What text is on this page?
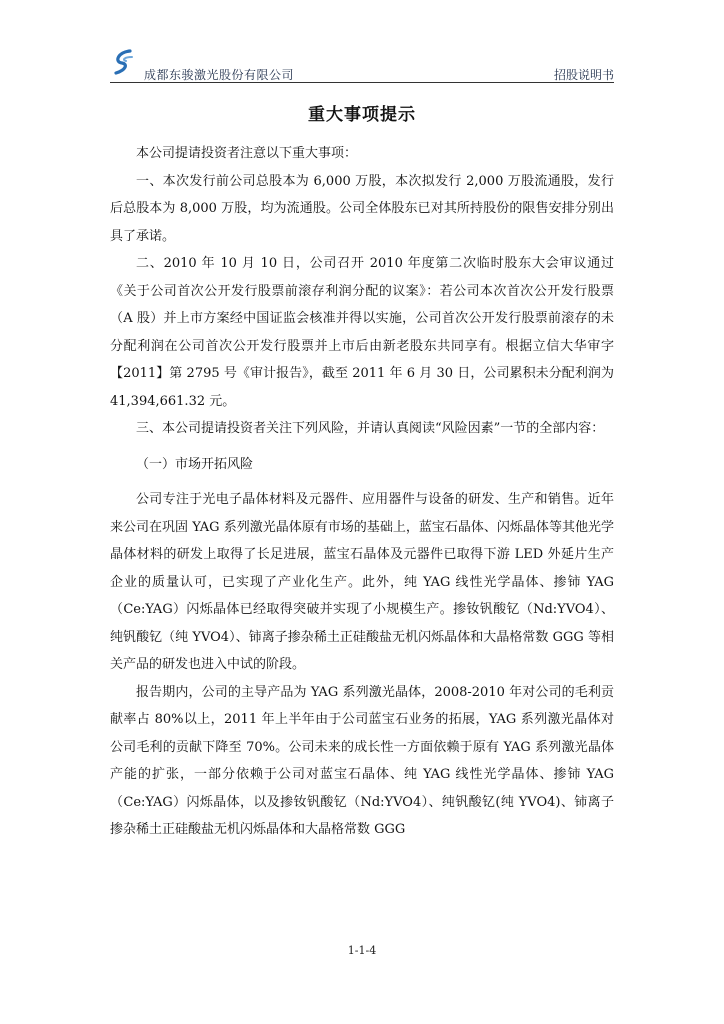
成都东骏激光股份有限公司	招股说明书
重大事项提示

本公司提请投资者注意以下重大事项：

一、本次发行前公司总股本为 6,000 万股，本次拟发行 2,000 万股流通股，发行后总股本为 8,000 万股，均为流通股。公司全体股东已对其所持股份的限售安排分别出具了承诺。

二、2010 年 10 月 10 日，公司召开 2010 年度第二次临时股东大会审议通过《关于公司首次公开发行股票前滚存利润分配的议案》：若公司本次首次公开发行股票（A 股）并上市方案经中国证监会核准并得以实施，公司首次公开发行股票前滚存的未分配利润在公司首次公开发行股票并上市后由新老股东共同享有。根据立信大华审字【2011】第 2795 号《审计报告》，截至 2011 年 6 月 30 日，公司累积未分配利润为 41,394,661.32 元。

三、本公司提请投资者关注下列风险，并请认真阅读“风险因素”一节的全部内容：

（一）市场开拓风险

公司专注于光电子晶体材料及元器件、应用器件与设备的研发、生产和销售。近年来公司在巩固 YAG 系列激光晶体原有市场的基础上，蓝宝石晶体、闪烁晶体等其他光学晶体材料的研发上取得了长足进展，蓝宝石晶体及元器件已取得下游 LED 外延片生产企业的质量认可，已实现了产业化生产。此外，纯 YAG 线性光学晶体、掺铈 YAG（Ce:YAG）闪烁晶体已经取得突破并实现了小规模生产。掺钕钒酸钇（Nd:YVO4）、纯钒酸钇（纯 YVO4）、铈离子掺杂稀土正硅酸盐无机闪烁晶体和大晶格常数 GGG 等相关产品的研发也进入中试的阶段。

报告期内，公司的主导产品为 YAG 系列激光晶体，2008-2010 年对公司的毛利贡献率占 80%以上，2011 年上半年由于公司蓝宝石业务的拓展，YAG 系列激光晶体对公司毛利的贡献下降至 70%。公司未来的成长性一方面依赖于原有 YAG 系列激光晶体产能的扩张，一部分依赖于公司对蓝宝石晶体、纯 YAG 线性光学晶体、掺铈 YAG（Ce:YAG）闪烁晶体，以及掺钕钒酸钇（Nd:YVO4）、纯钒酸钇(纯 YVO4)、铈离子掺杂稀土正硅酸盐无机闪烁晶体和大晶格常数 GGG

1-1-4
